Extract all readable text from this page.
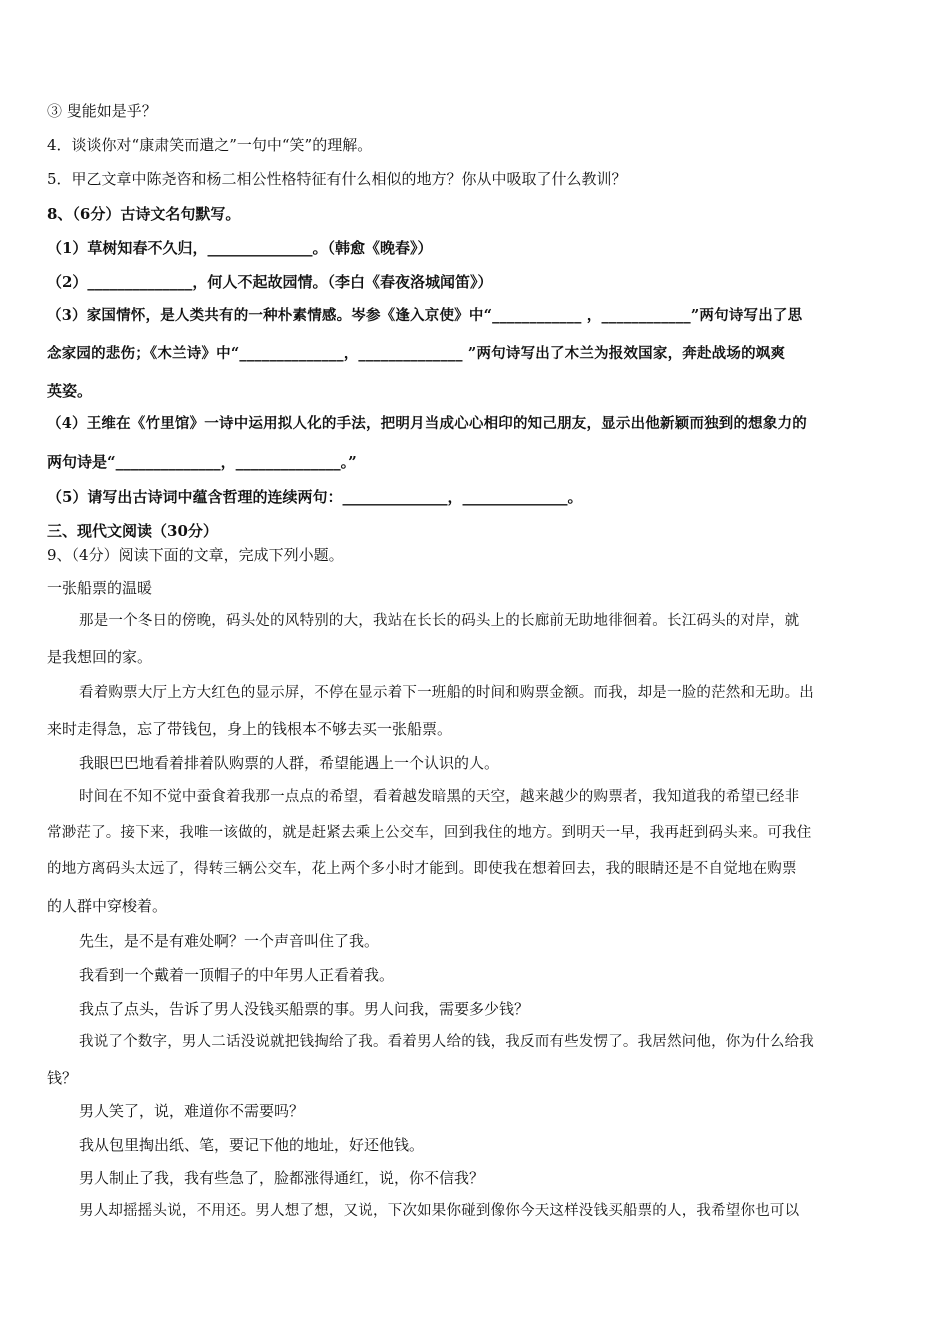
③ 叟能如是乎？
4．谈谈你对“康肃笑而遣之”一句中“笑”的理解。
5．甲乙文章中陈尧咨和杨二相公性格特征有什么相似的地方？你从中吸取了什么教训？
8、（6分）古诗文名句默写。
（1）草树知春不久归，______________。（韩愈《晚春》）
（2）______________，何人不起故园情。（李白《春夜洛城闻笛》）
（3）家国情怀，是人类共有的一种朴素情感。岑参《逢入京使》中“____________ ，____________”两句诗写出了思
念家园的悲伤；《木兰诗》中“______________，______________ ”两句诗写出了木兰为报效国家，奔赴战场的飒爽
英姿。
（4）王维在《竹里馆》一诗中运用拟人化的手法，把明月当成心心相印的知己朋友，显示出他新颖而独到的想象力的
两句诗是“______________，______________。”
（5）请写出古诗词中蕴含哲理的连续两句：______________，______________。
三、现代文阅读（30分）
9、（4分）阅读下面的文章，完成下列小题。
一张船票的温暖
那是一个冬日的傍晚，码头处的风特别的大，我站在长长的码头上的长廊前无助地徘徊着。长江码头的对岸，就
是我想回的家。
看着购票大厅上方大红色的显示屏，不停在显示着下一班船的时间和购票金额。而我，却是一脸的茫然和无助。出
来时走得急，忘了带钱包，身上的钱根本不够去买一张船票。
我眼巴巴地看着排着队购票的人群，希望能遇上一个认识的人。
时间在不知不觉中蚕食着我那一点点的希望，看着越发暗黑的天空，越来越少的购票者，我知道我的希望已经非
常渺茫了。接下来，我唯一该做的，就是赶紧去乘上公交车，回到我住的地方。到明天一早，我再赶到码头来。可我住
的地方离码头太远了，得转三辆公交车，花上两个多小时才能到。即使我在想着回去，我的眼睛还是不自觉地在购票
的人群中穿梭着。
先生，是不是有难处啊？一个声音叫住了我。
我看到一个戴着一顶帽子的中年男人正看着我。
我点了点头，告诉了男人没钱买船票的事。男人问我，需要多少钱？
我说了个数字，男人二话没说就把钱掏给了我。看着男人给的钱，我反而有些发愣了。我居然问他，你为什么给我
钱？
男人笑了，说，难道你不需要吗？
我从包里掏出纸、笔，要记下他的地址，好还他钱。
男人制止了我，我有些急了，脸都涨得通红，说，你不信我？
男人却摇摇头说，不用还。男人想了想，又说，下次如果你碰到像你今天这样没钱买船票的人，我希望你也可以
